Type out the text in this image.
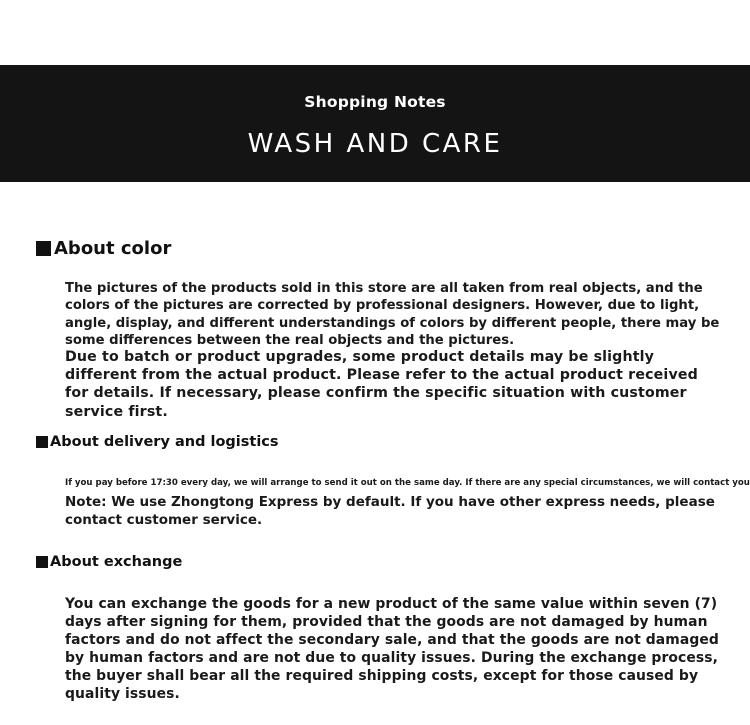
Shopping Notes
WASH AND CARE
About color
The pictures of the products sold in this store are all taken from real objects, and the colors of the pictures are corrected by professional designers. However, due to light, angle, display, and different understandings of colors by different people, there may be some differences between the real objects and the pictures.
Due to batch or product upgrades, some product details may be slightly different from the actual product. Please refer to the actual product received for details. If necessary, please confirm the specific situation with customer service first.
About delivery and logistics
If you pay before 17:30 every day, we will arrange to send it out on the same day. If there are any special circumstances, we will contact you
Note: We use Zhongtong Express by default. If you have other express needs, please contact customer service.
About exchange
You can exchange the goods for a new product of the same value within seven (7) days after signing for them, provided that the goods are not damaged by human factors and do not affect the secondary sale, and that the goods are not damaged by human factors and are not due to quality issues. During the exchange process, the buyer shall bear all the required shipping costs, except for those caused by quality issues.
